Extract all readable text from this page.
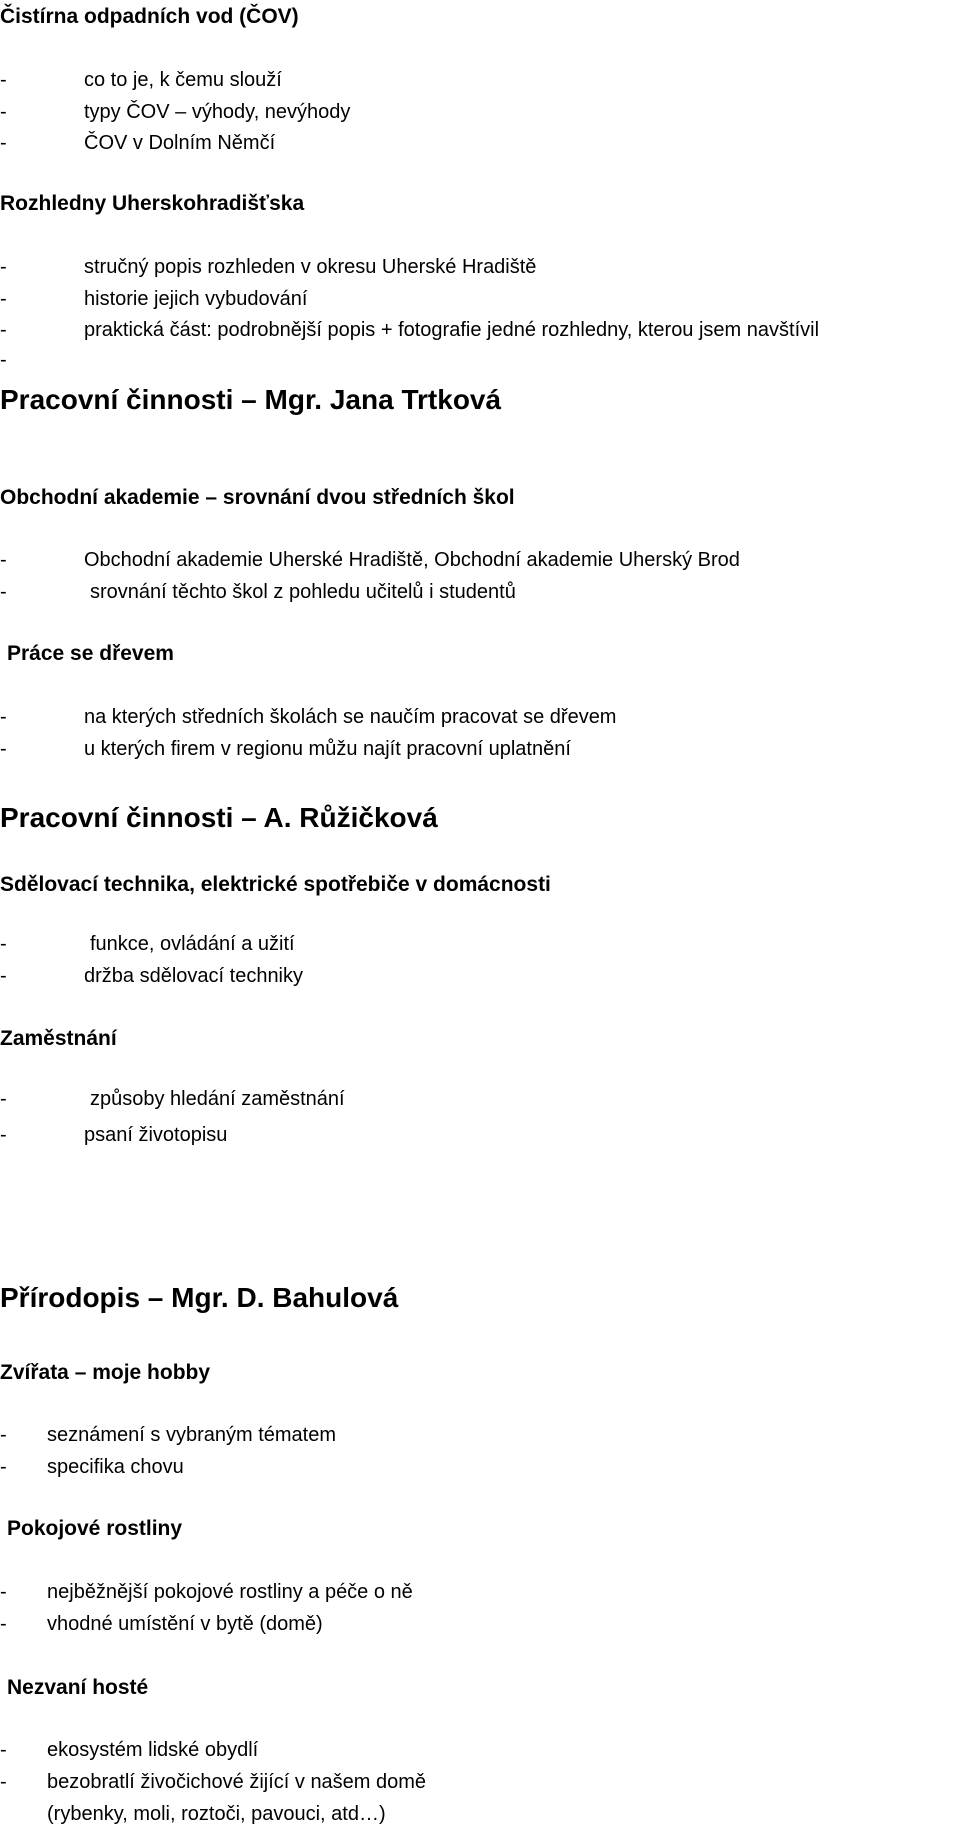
Čistírna odpadních vod (ČOV)
-	co to je, k čemu slouží
-	typy ČOV – výhody, nevýhody
-	ČOV v Dolním Němčí
Rozhledny Uherskohradišťska
-	stručný popis rozhleden v okresu Uherské Hradiště
-	historie jejich vybudování
-	praktická část: podrobnější popis + fotografie jedné rozhledny, kterou jsem navštívil
-
Pracovní činnosti – Mgr. Jana Trtková
Obchodní akademie – srovnání dvou středních škol
-	Obchodní akademie Uherské Hradiště, Obchodní akademie Uherský Brod
-	srovnání těchto škol z pohledu učitelů i studentů
Práce se dřevem
-	na kterých středních školách se naučím pracovat se dřevem
-	u kterých firem v regionu můžu najít pracovní uplatnění
Pracovní činnosti – A. Růžičková
Sdělovací technika, elektrické spotřebiče v domácnosti
-	funkce, ovládání a užití
-	držba sdělovací techniky
Zaměstnání
-	způsoby hledání zaměstnání
-	psaní životopisu
Přírodopis – Mgr. D. Bahulová
Zvířata – moje hobby
- seznámení s vybraným tématem
- specifika chovu
Pokojové rostliny
- nejběžnější pokojové rostliny a péče o ně
- vhodné umístění v bytě (domě)
Nezvaní hosté
- ekosystém lidské obydlí
- bezobratlí živočichové žijící v našem domě
(rybenky, moli, roztoči, pavouci, atd…)
